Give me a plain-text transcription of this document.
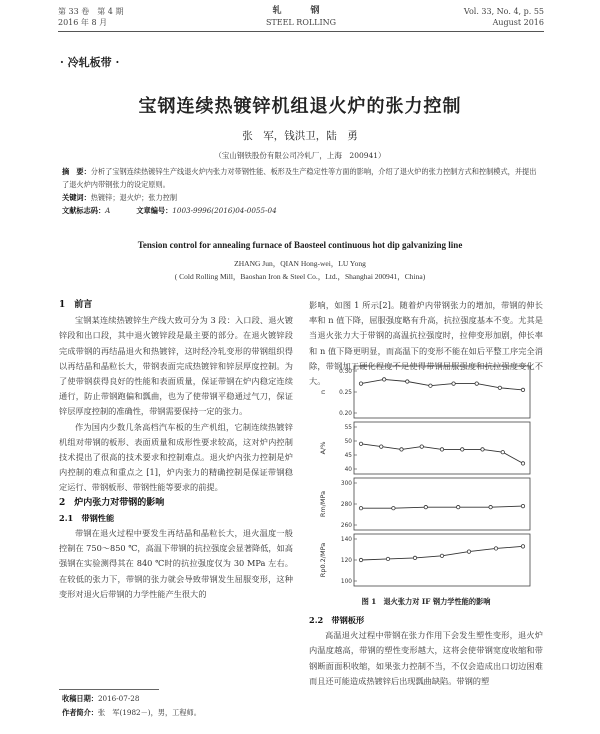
第 33 卷　第 4 期
2016 年 8 月
轧　钢
STEEL ROLLING
Vol. 33, No. 4, p. 55
August 2016
· 冷轧板带 ·
宝钢连续热镀锌机组退火炉的张力控制
张　军，钱洪卫，陆　勇
（宝山钢铁股份有限公司冷轧厂，上海　200941）

摘　要：分析了宝钢连续热镀锌生产线退火炉内张力对带钢性能、板形及生产稳定性等方面的影响，介绍了退火炉的张力控制方式和控制模式，并提出了退火炉内带钢张力的设定原则。

关键词：热镀锌；退火炉；张力控制

文献标志码：A	文章编号：1003-9996(2016)04-0055-04

Tension control for annealing furnace of Baosteel continuous hot dip galvanizing line
ZHANG Jun，QIAN Hong-wei，LU Yong
( Cold Rolling Mill，Baoshan Iron & Steel Co.，Ltd.，Shanghai 200941，China)

1　前言

宝钢某连续热镀锌生产线大致可分为 3 段：入口段、退火镀锌段和出口段，其中退火镀锌段是最主要的部分。在退火镀锌段完成带钢的再结晶退火和热镀锌，这时经冷轧变形的带钢组织得以再结晶和晶粒长大，带钢表面完成热镀锌和锌层厚度控制。为了使带钢获得良好的性能和表面质量，保证带钢在炉内稳定连续通行，防止带钢跑偏和瓢曲，也为了使带钢平稳通过气刀，保证锌层厚度控制的准确性，带钢需要保持一定的张力。

作为国内少数几条高档汽车板的生产机组，它制连续热镀锌机组对带钢的板形、表面质量和成形性要求较高，这对炉内控制技术提出了很高的技术要求和控制难点。退火炉内张力控制是炉内控制的难点和重点之 [1]，炉内张力的精确控制是保证带钢稳定运行、带钢板形、带钢性能等要求的前提。

2　炉内张力对带钢的影响

2.1　带钢性能

带钢在退火过程中要发生再结晶和晶粒长大，退火温度一般控制在 750～850 ℃，高温下带钢的抗拉强度会显著降低，如高强钢在实验测得其在 840 ℃时的抗拉强度仅为 30 MPa 左右。在较低的张力下，带钢的张力就会导致带钢发生屈服变形，这种变形对退火后带钢的力学性能产生很大的

影响，如图 1 所示[2]。随着炉内带钢张力的增加，带钢的伸长率和 n 值下降，屈服强度略有升高，抗拉强度基本不变。尤其是当退火张力大于带钢的高温抗拉强度时，拉伸变形加剧，伸长率和 n 值下降更明显，而高温下的变形不能在如后平整工序完全消除，带钢加工硬化程度不足使得带钢屈服强度和抗拉强度变化不大。

n
0.30
0.25
0.20
A/%
55
50
45
40
Rm/MPa
300
280
260
Rp0.2/MPa
140
120
100
图 1　退火张力对 IF 钢力学性能的影响

2.2　带钢板形

高温退火过程中带钢在张力作用下会发生塑性变形，退火炉内温度越高，带钢的塑性变形越大，这将会使带钢宽度收缩和带钢断面面积收缩，如果张力控制不当，不仅会造成出口切边困难而且还可能造成热镀锌后出现瓢曲缺陷。带钢的塑

收稿日期：2016-07-28
作者简介：张　军(1982－)，男，工程师。
